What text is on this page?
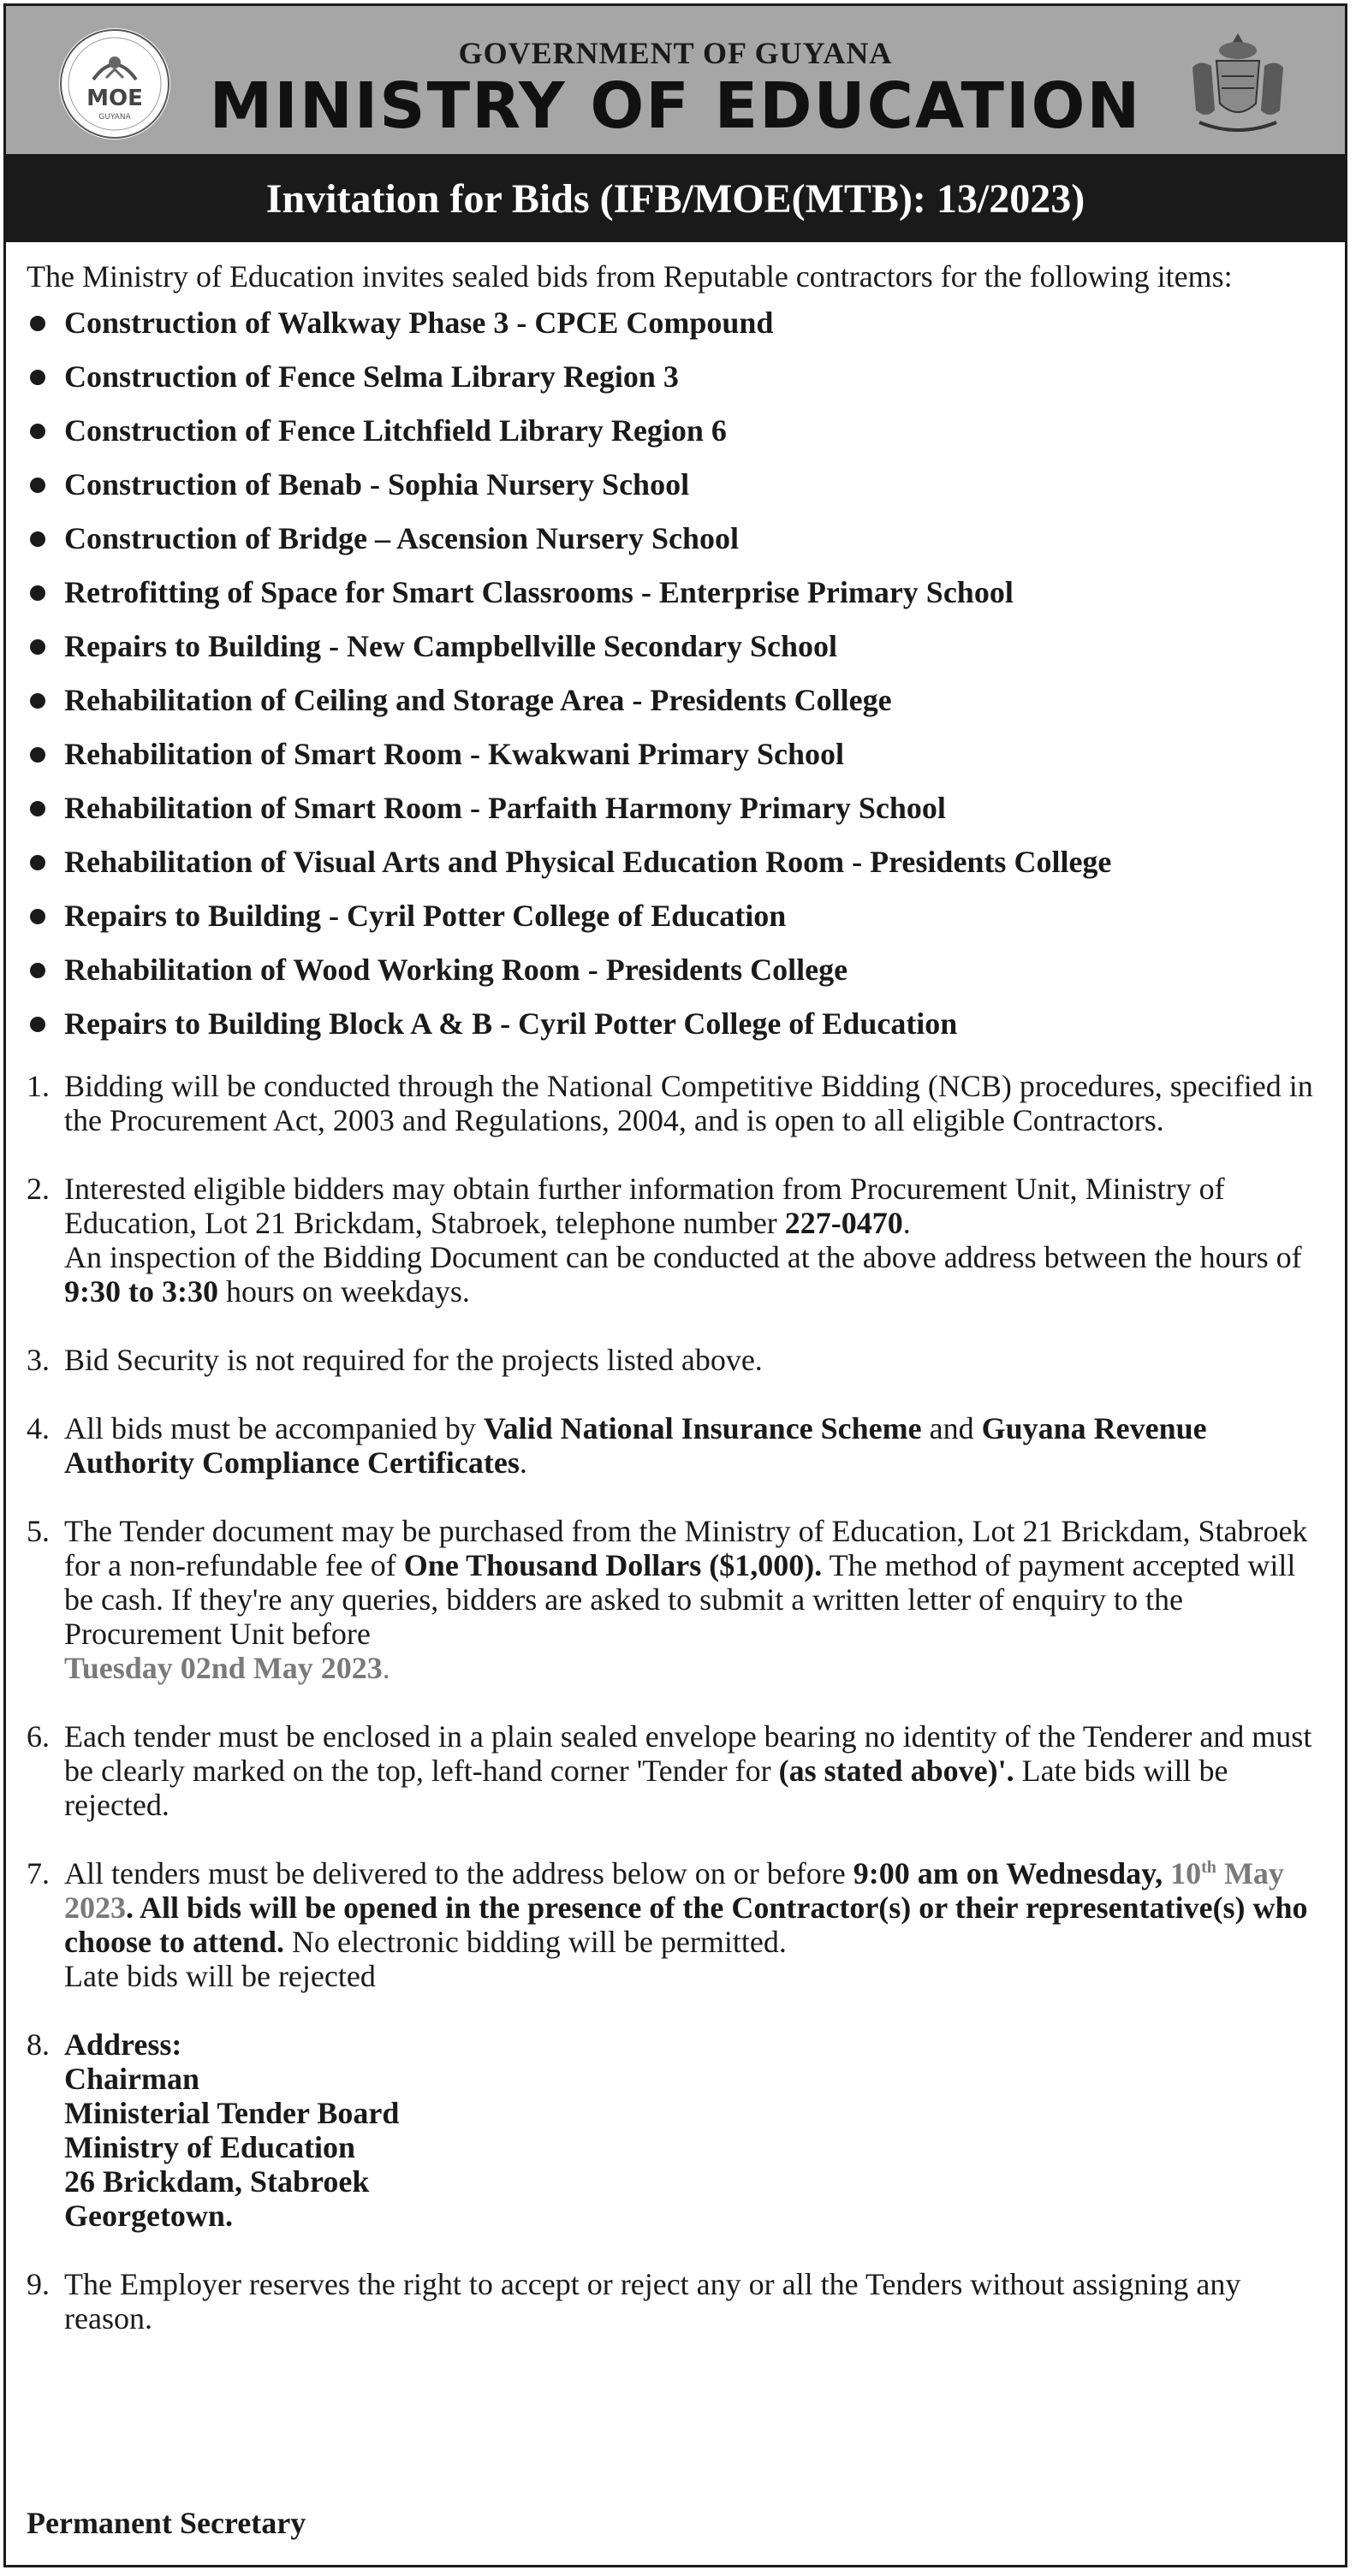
MOE
GUYANA
GOVERNMENT OF GUYANA
MINISTRY OF EDUCATION
Invitation for Bids (IFB/MOE(MTB): 13/2023)

The Ministry of Education invites sealed bids from Reputable contractors for the following items:

Construction of Walkway Phase 3 - CPCE Compound
Construction of Fence Selma Library Region 3
Construction of Fence Litchfield Library Region 6
Construction of Benab - Sophia Nursery School
Construction of Bridge – Ascension Nursery School
Retrofitting of Space for Smart Classrooms - Enterprise Primary School
Repairs to Building - New Campbellville Secondary School
Rehabilitation of Ceiling and Storage Area - Presidents College
Rehabilitation of Smart Room - Kwakwani Primary School
Rehabilitation of Smart Room - Parfaith Harmony Primary School
Rehabilitation of Visual Arts and Physical Education Room - Presidents College
Repairs to Building - Cyril Potter College of Education
Rehabilitation of Wood Working Room - Presidents College
Repairs to Building Block A & B - Cyril Potter College of Education
1. Bidding will be conducted through the National Competitive Bidding (NCB) procedures, specified in the Procurement Act, 2003 and Regulations, 2004, and is open to all eligible Contractors.
2. Interested eligible bidders may obtain further information from Procurement Unit, Ministry of Education, Lot 21 Brickdam, Stabroek, telephone number 227-0470.
An inspection of the Bidding Document can be conducted at the above address between the hours of 9:30 to 3:30 hours on weekdays.
3. Bid Security is not required for the projects listed above.
4. All bids must be accompanied by Valid National Insurance Scheme and Guyana Revenue Authority Compliance Certificates.
5. The Tender document may be purchased from the Ministry of Education, Lot 21 Brickdam, Stabroek for a non-refundable fee of One Thousand Dollars ($1,000). The method of payment accepted will be cash. If they're any queries, bidders are asked to submit a written letter of enquiry to the Procurement Unit before
Tuesday 02nd May 2023.
6. Each tender must be enclosed in a plain sealed envelope bearing no identity of the Tenderer and must be clearly marked on the top, left-hand corner 'Tender for (as stated above)'. Late bids will be rejected.
7. All tenders must be delivered to the address below on or before 9:00 am on Wednesday, 10th May 2023. All bids will be opened in the presence of the Contractor(s) or their representative(s) who choose to attend. No electronic bidding will be permitted.
Late bids will be rejected
8. Address:
Chairman
Ministerial Tender Board
Ministry of Education
26 Brickdam, Stabroek
Georgetown.
9. The Employer reserves the right to accept or reject any or all the Tenders without assigning any reason.
Permanent Secretary
